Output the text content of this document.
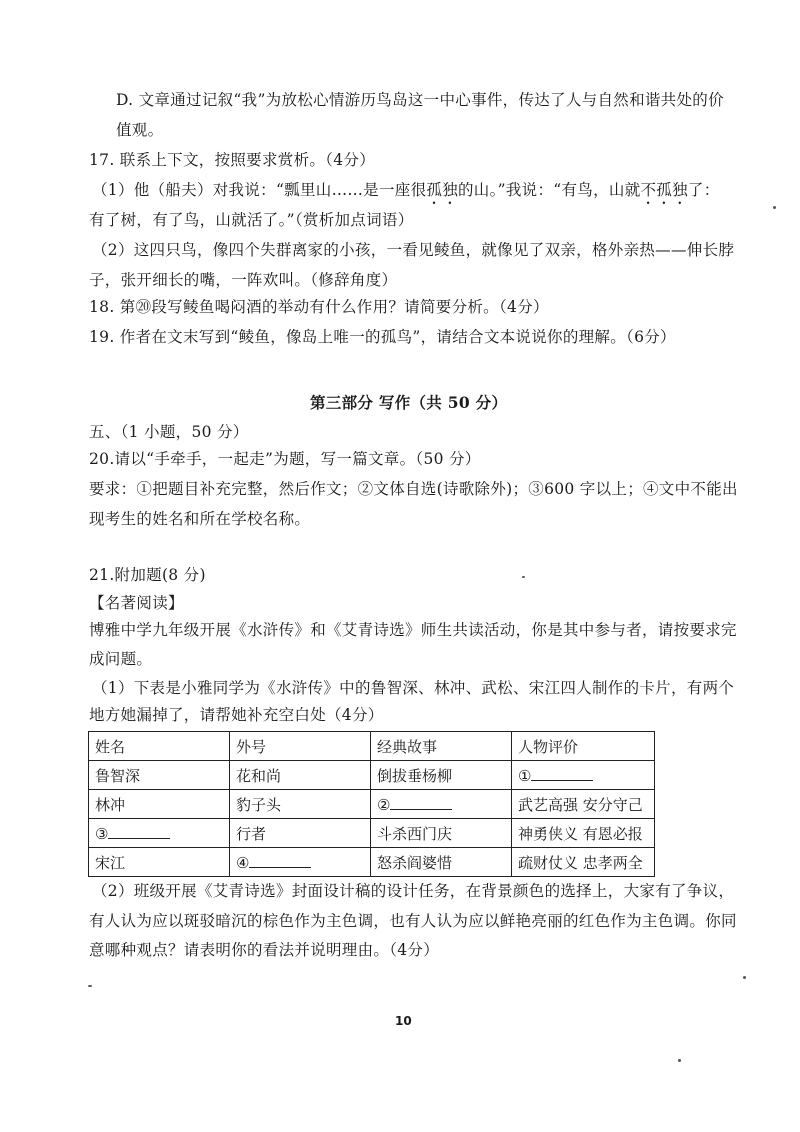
D. 文章通过记叙“我”为放松心情游历鸟岛这一中心事件，传达了人与自然和谐共处的价
值观。
17. 联系上下文，按照要求赏析。（4分）
（1）他（船夫）对我说：“瓢里山……是一座很孤独的山。”我说：“有鸟，山就不孤独了：
有了树，有了鸟，山就活了。”（赏析加点词语）
（2）这四只鸟，像四个失群离家的小孩，一看见鲮鱼，就像见了双亲，格外亲热——伸长脖
子，张开细长的嘴，一阵欢叫。（修辞角度）
18. 第⑳段写鲮鱼喝闷酒的举动有什么作用？请简要分析。（4分）
19. 作者在文末写到“鲮鱼，像岛上唯一的孤鸟”，请结合文本说说你的理解。（6分）
第三部分 写作（共 50 分）
五、（1 小题，50 分）
20.请以“手牵手，一起走”为题，写一篇文章。（50 分）
要求：①把题目补充完整，然后作文；②文体自选(诗歌除外)；③600 字以上；④文中不能出
现考生的姓名和所在学校名称。
21.附加题(8 分)
【名著阅读】
博雅中学九年级开展《水浒传》和《艾青诗选》师生共读活动，你是其中参与者，请按要求完
成问题。
（1）下表是小雅同学为《水浒传》中的鲁智深、林冲、武松、宋江四人制作的卡片，有两个
地方她漏掉了，请帮她补充空白处（4分）
姓名	外号	经典故事	人物评价
鲁智深	花和尚	倒拔垂杨柳	①
林冲	豹子头	②	武艺高强 安分守己
③	行者	斗杀西门庆	神勇侠义 有恩必报
宋江	④	怒杀阎婆惜	疏财仗义 忠孝两全
（2）班级开展《艾青诗选》封面设计稿的设计任务，在背景颜色的选择上，大家有了争议，
有人认为应以斑驳暗沉的棕色作为主色调，也有人认为应以鲜艳亮丽的红色作为主色调。你同
意哪种观点？请表明你的看法并说明理由。（4分）
10
